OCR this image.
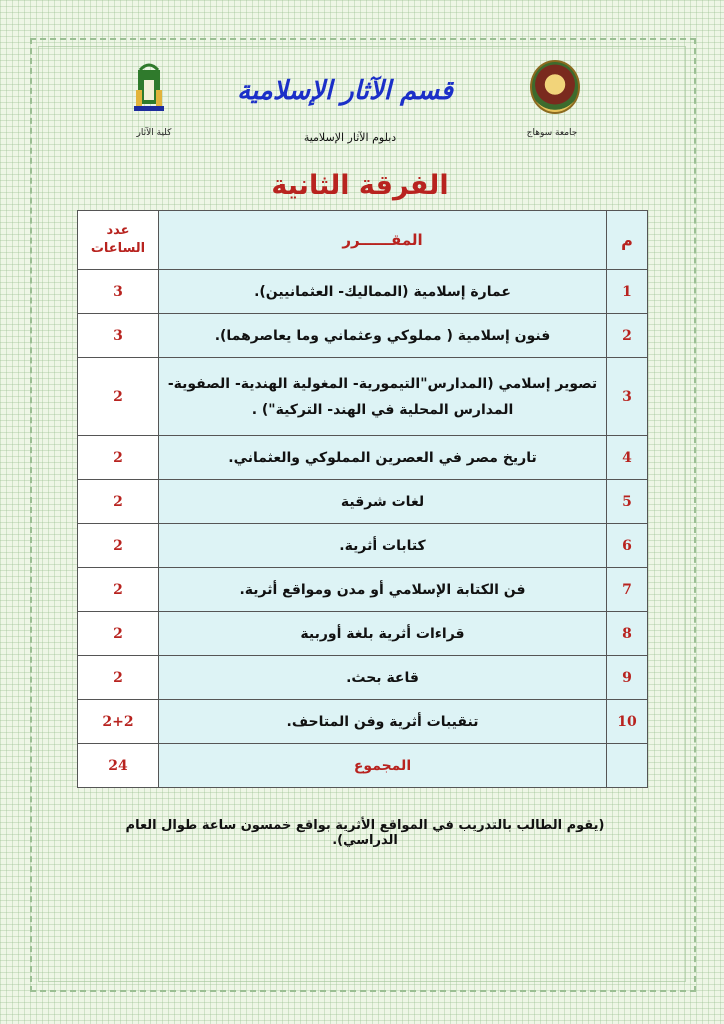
جامعة سوهاج
كلية الآثار
قسم الآثار الإسلامية
دبلوم الآثار الإسلامية
الفرقة الثانية
م	المقــــــرر	عدد الساعات
1	عمارة إسلامية (المماليك- العثمانيين).	3
2	فنون إسلامية ( مملوكي وعثماني وما يعاصرهما).	3
3	تصوير إسلامي (المدارس"التيمورية- المغولية الهندية- الصفوية- المدارس المحلية في الهند- التركية") .	2
4	تاريخ مصر في العصرين المملوكي والعثماني.	2
5	لغات شرقية	2
6	كتابات أثرية.	2
7	فن الكتابة الإسلامي أو مدن ومواقع أثرية.	2
8	قراءات أثرية بلغة أوربية	2
9	قاعة بحث.	2
10	تنقيبات أثرية وفن المتاحف.	2+2
	المجموع	24
(يقوم الطالب بالتدريب في المواقع الأثرية بواقع خمسون ساعة طوال العام الدراسي).
